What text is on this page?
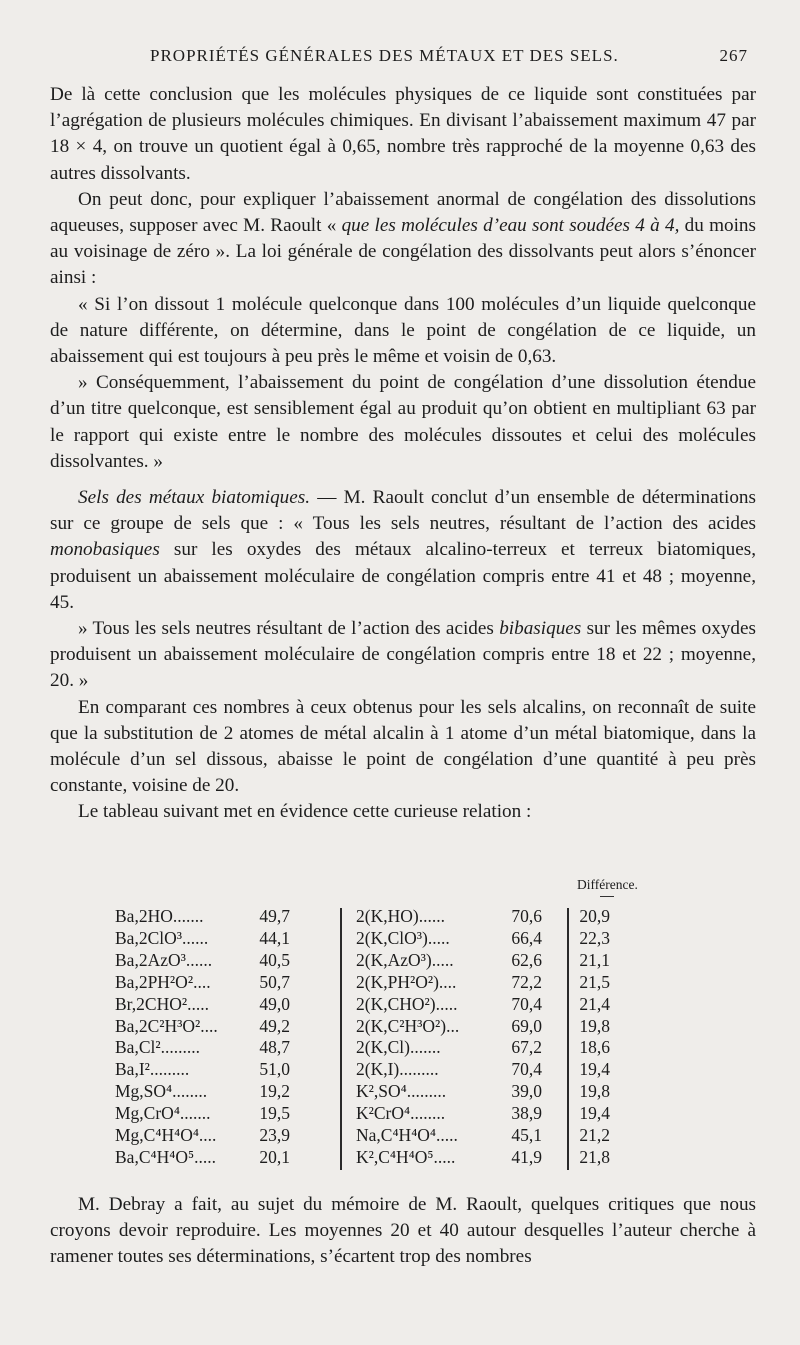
PROPRIÉTÉS GÉNÉRALES DES MÉTAUX ET DES SELS.	267

De là cette conclusion que les molécules physiques de ce liquide sont constituées par l’agrégation de plusieurs molécules chimiques. En divisant l’abaissement maximum 47 par 18 × 4, on trouve un quotient égal à 0,65, nombre très rapproché de la moyenne 0,63 des autres dissolvants.

On peut donc, pour expliquer l’abaissement anormal de congélation des dissolutions aqueuses, supposer avec M. Raoult « que les molécules d’eau sont soudées 4 à 4, du moins au voisinage de zéro ». La loi générale de congélation des dissolvants peut alors s’énoncer ainsi :

« Si l’on dissout 1 molécule quelconque dans 100 molécules d’un liquide quelconque de nature différente, on détermine, dans le point de congélation de ce liquide, un abaissement qui est toujours à peu près le même et voisin de 0,63.

» Conséquemment, l’abaissement du point de congélation d’une dissolution étendue d’un titre quelconque, est sensiblement égal au produit qu’on obtient en multipliant 63 par le rapport qui existe entre le nombre des molécules dissoutes et celui des molécules dissolvantes. »

Sels des métaux biatomiques. — M. Raoult conclut d’un ensemble de déterminations sur ce groupe de sels que : « Tous les sels neutres, résultant de l’action des acides monobasiques sur les oxydes des métaux alcalino-terreux et terreux biatomiques, produisent un abaissement moléculaire de congélation compris entre 41 et 48 ; moyenne, 45.

» Tous les sels neutres résultant de l’action des acides bibasiques sur les mêmes oxydes produisent un abaissement moléculaire de congélation compris entre 18 et 22 ; moyenne, 20. »

En comparant ces nombres à ceux obtenus pour les sels alcalins, on reconnaît de suite que la substitution de 2 atomes de métal alcalin à 1 atome d’un métal biatomique, dans la molécule d’un sel dissous, abaisse le point de congélation d’une quantité à peu près constante, voisine de 20.

Le tableau suivant met en évidence cette curieuse relation :

Différence.
Ba,2HO.......	49,7	2(K,HO)......	70,6 20,9
Ba,2ClO³......	44,1	2(K,ClO³).....	66,4 22,3
Ba,2AzO³......	40,5	2(K,AzO³).....	62,6 21,1
Ba,2PH²O²....	50,7	2(K,PH²O²)....	72,2 21,5
Br,2CHO².....	49,0	2(K,CHO²).....	70,4 21,4
Ba,2C²H³O².... 49,2	2(K,C²H³O²)...	69,0 19,8
Ba,Cl².........	48,7	2(K,Cl).......	67,2 18,6
Ba,I².........	51,0	2(K,I).........	70,4 19,4
Mg,SO⁴........	19,2	K²,SO⁴.........	39,0 19,8
Mg,CrO⁴.......	19,5	K²CrO⁴........	38,9 19,4
Mg,C⁴H⁴O⁴.... 23,9	Na,C⁴H⁴O⁴.....	45,1 21,2
Ba,C⁴H⁴O⁵..... 20,1	K²,C⁴H⁴O⁵.....	41,9 21,8

M. Debray a fait, au sujet du mémoire de M. Raoult, quelques critiques que nous croyons devoir reproduire. Les moyennes 20 et 40 autour desquelles l’auteur cherche à ramener toutes ses déterminations, s’écartent trop des nombres
